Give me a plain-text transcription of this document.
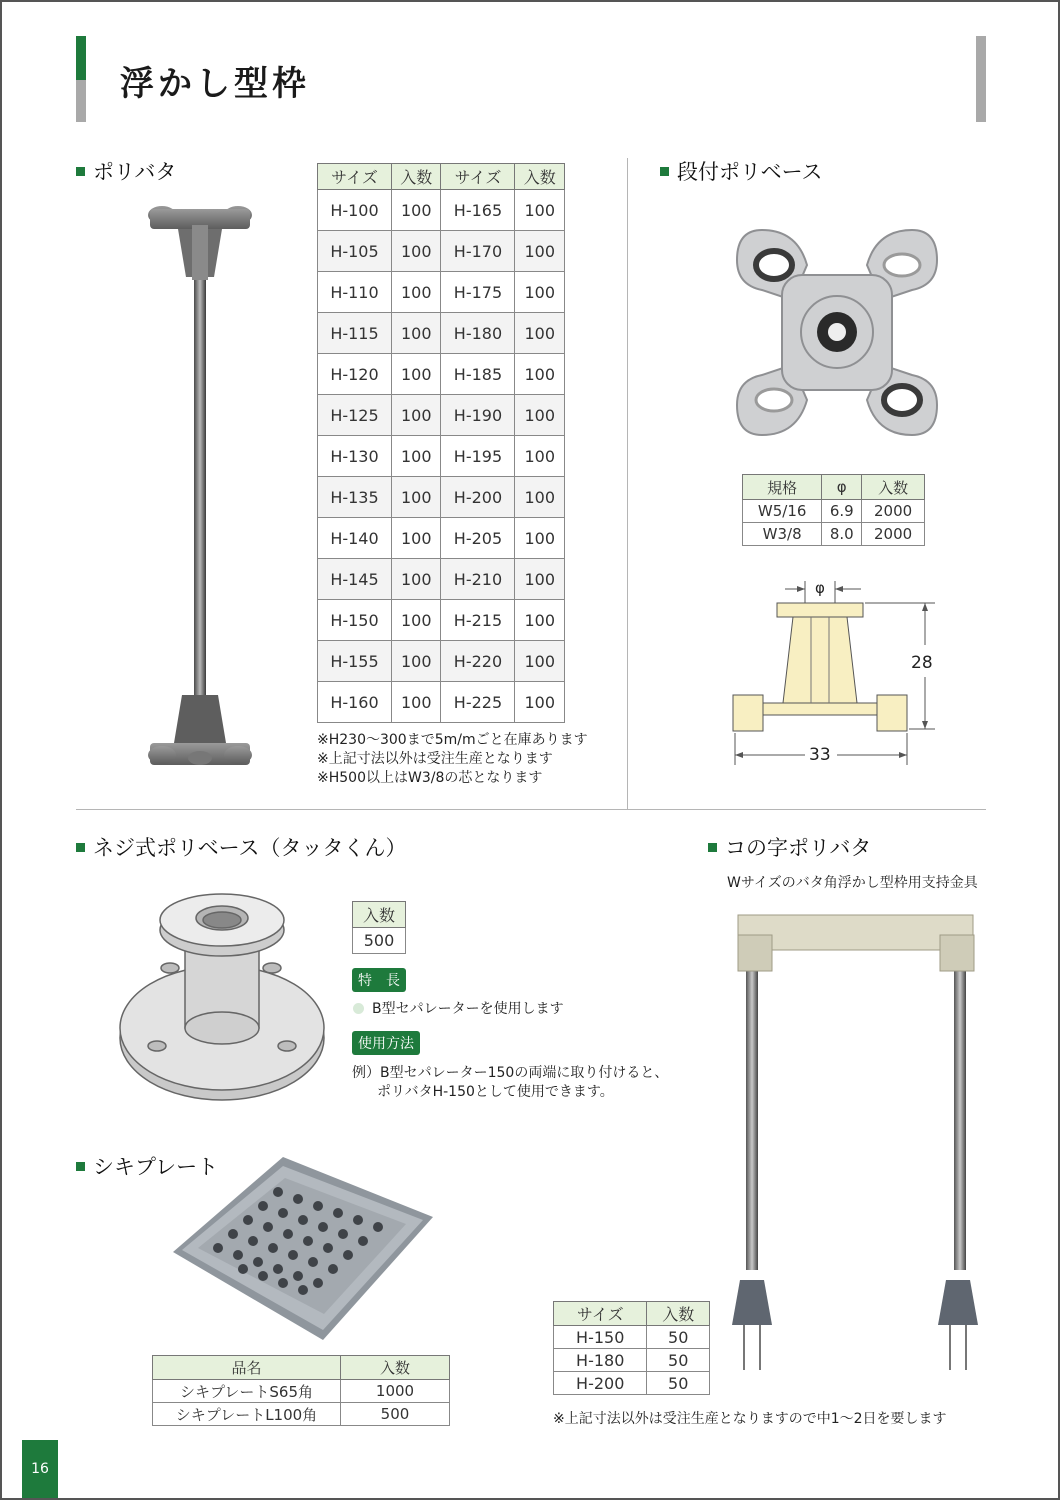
浮かし型枠
ポリバタ	サイズ	入数	サイズ	入数
H-100	100	H-165	100
H-105	100	H-170	100
H-110	100	H-175	100
H-115	100	H-180	100
H-120	100	H-185	100
H-125	100	H-190	100
H-130	100	H-195	100
H-135	100	H-200	100
H-140	100	H-205	100
H-145	100	H-210	100
H-150	100	H-215	100
H-155	100	H-220	100
H-160	100	H-225	100
※H230～300まで5m/mごと在庫あります
※上記寸法以外は受注生産となります
※H500以上はW3/8の芯となります
段付ポリベース
規格	φ	入数
W5/16	6.9	2000
W3/8	8.0	2000
φ
28
33
ネジ式ポリベース（タッタくん）
入数
500
特　長
B型セパレーターを使用します
使用方法
例）B型セパレーター150の両端に取り付けると、
ポリバタH-150として使用できます。
コの字ポリバタ
Wサイズのバタ角浮かし型枠用支持金具
サイズ	入数
H-150	50
H-180	50
H-200	50
※上記寸法以外は受注生産となりますので中1～2日を要します
シキプレート
品名	入数
シキプレートS65角	1000
シキプレートL100角	500
16
